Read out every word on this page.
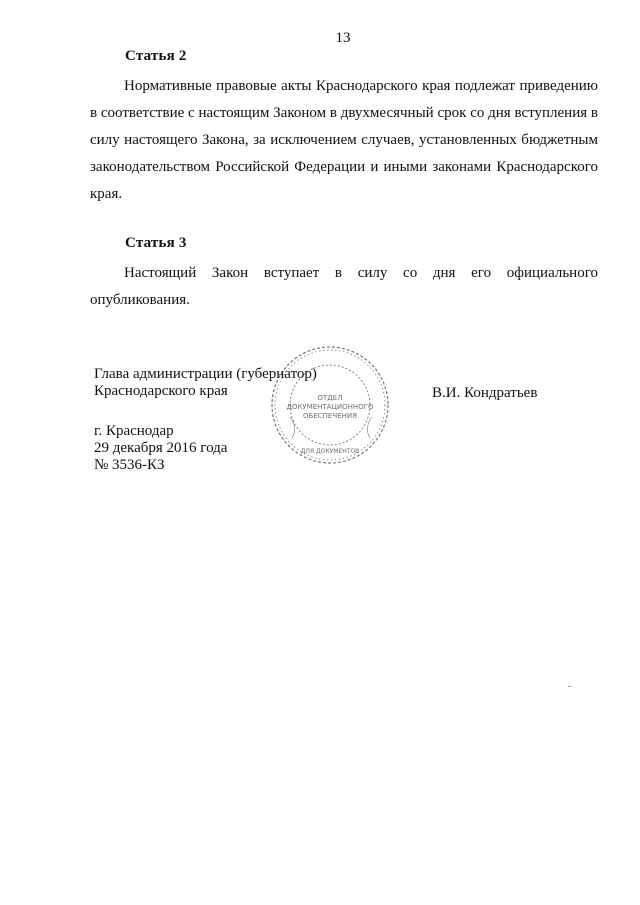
13
Статья 2
Нормативные правовые акты Краснодарского края подлежат приведению в соответствие с настоящим Законом в двухмесячный срок со дня вступления в силу настоящего Закона, за исключением случаев, установленных бюджетным законодательством Российской Федерации и иными законами Краснодарского края.
Статья 3
Настоящий Закон вступает в силу со дня его официального опубликования.
Глава администрации (губернатор)
Краснодарского края	В.И. Кондратьев
г. Краснодар
29 декабря 2016 года
№ 3536-КЗ
ОТДЕЛ
ДОКУМЕНТАЦИОННОГО
ОБЕСПЕЧЕНИЯ
ДЛЯ ДОКУМЕНТОВ
